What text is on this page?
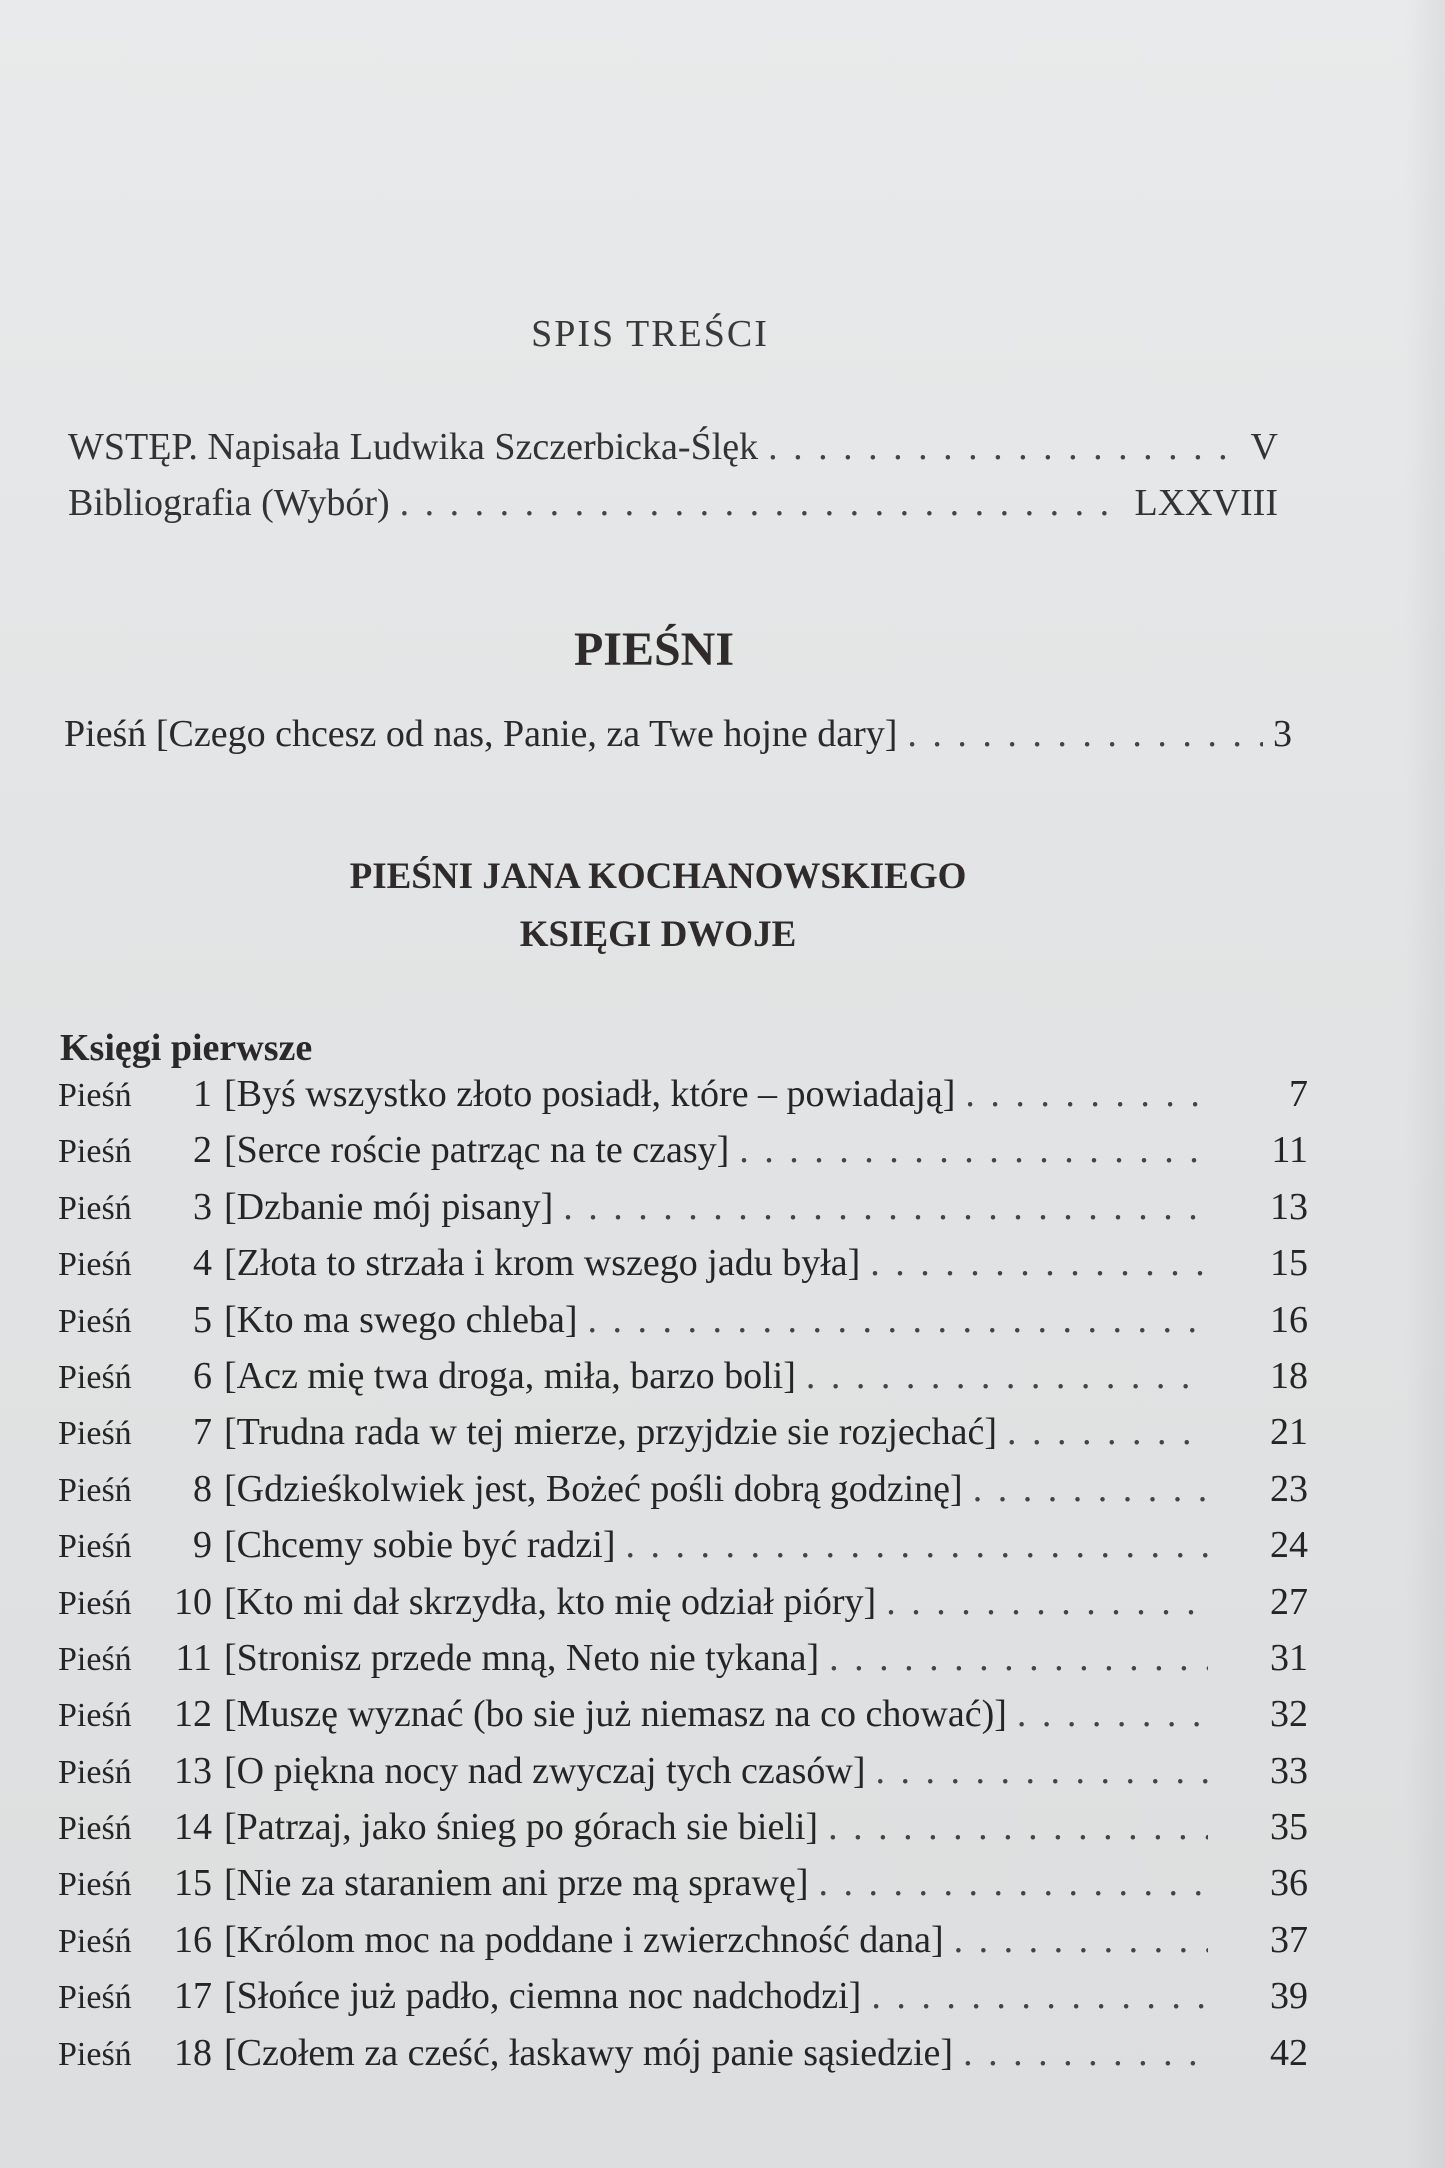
SPIS TREŚCI
WSTĘP. Napisała Ludwika Szczerbicka-Ślęk . . .	V
Bibliografia (Wybór) . . .	LXXVIII
PIEŚNI
Pieśń [Czego chcesz od nas, Panie, za Twe hojne dary] . . .	3
PIEŚNI JANA KOCHANOWSKIEGO
KSIĘGI DWOJE
Księgi pierwsze
Pieśń	1 [Byś wszystko złoto posiadł, które – powiadają] . . .	7
Pieśń	2 [Serce roście patrząc na te czasy] . . .	11
Pieśń	3 [Dzbanie mój pisany] . . .	13
Pieśń	4 [Złota to strzała i krom wszego jadu była] . . .	15
Pieśń	5 [Kto ma swego chleba] . . .	16
Pieśń	6 [Acz mię twa droga, miła, barzo boli] . . .	18
Pieśń	7 [Trudna rada w tej mierze, przyjdzie sie rozjechać] . . .	21
Pieśń	8 [Gdzieśkolwiek jest, Bożeć pośli dobrą godzinę] . . .	23
Pieśń	9 [Chcemy sobie być radzi] . . .	24
Pieśń	10 [Kto mi dał skrzydła, kto mię odział pióry] . . .	27
Pieśń	11 [Stronisz przede mną, Neto nie tykana] . . .	31
Pieśń	12 [Muszę wyznać (bo sie już niemasz na co chować)] . . .	32
Pieśń	13 [O piękna nocy nad zwyczaj tych czasów] . . .	33
Pieśń	14 [Patrzaj, jako śnieg po górach sie bieli] . . .	35
Pieśń	15 [Nie za staraniem ani prze mą sprawę] . . .	36
Pieśń	16 [Królom moc na poddane i zwierzchność dana] . . .	37
Pieśń	17 [Słońce już padło, ciemna noc nadchodzi] . . .	39
Pieśń	18 [Czołem za cześć, łaskawy mój panie sąsiedzie] . . .	42
